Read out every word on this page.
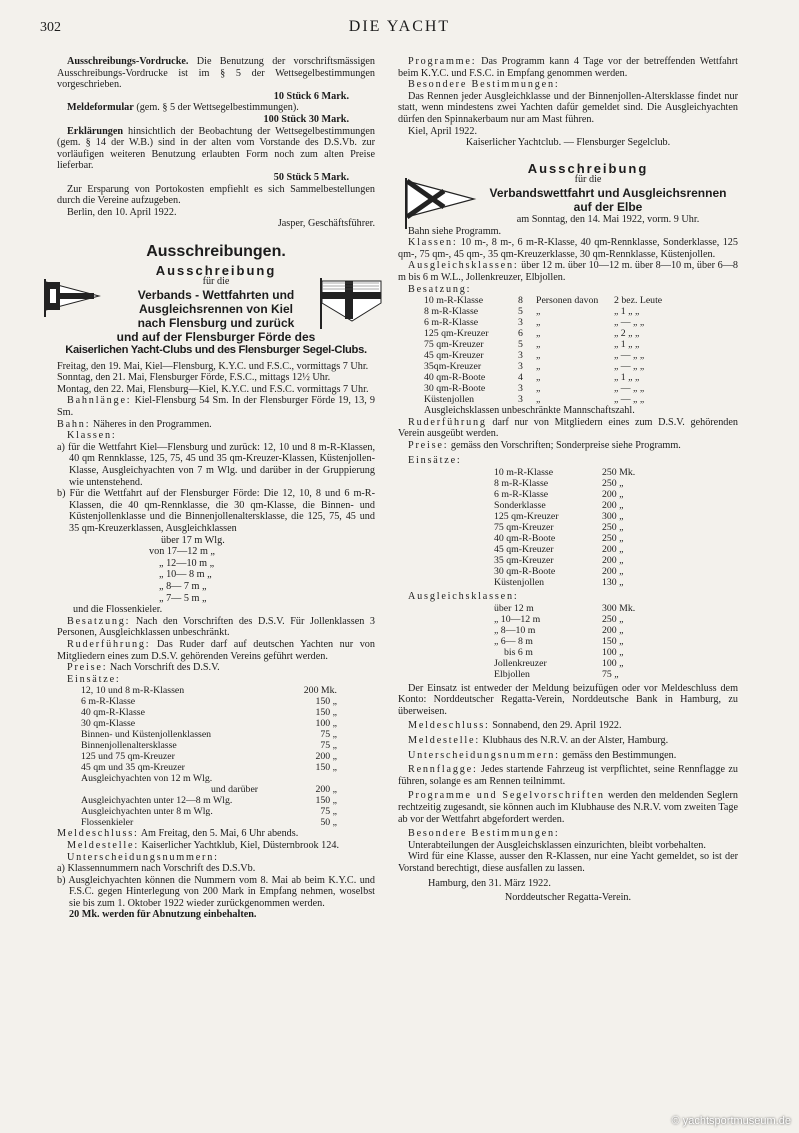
302	DIE YACHT

Ausschreibungs-Vordrucke. Die Benutzung der vorschriftsmässigen Ausschreibungs-Vordrucke ist im § 5 der Wettsegelbestimmungen vorgeschrieben.

10 Stück 6 Mark.

Meldeformular (gem. § 5 der Wettsegelbestimmungen).

100 Stück 30 Mark.

Erklärungen hinsichtlich der Beobachtung der Wettsegelbestimmungen (gem. § 14 der W.B.) sind in der alten vom Vorstande des D.S.Vb. zur vorläufigen weiteren Benutzung erlaubten Form noch zum alten Preise lieferbar.

50 Stück 5 Mark.

Zur Ersparung von Portokosten empfiehlt es sich Sammelbestellungen durch die Vereine aufzugeben.

Berlin, den 10. April 1922.

Jasper, Geschäftsführer.

Ausschreibungen.
Ausschreibung

für die

Verbands - Wettfahrten und
Ausgleichsrennen von Kiel
nach Flensburg und zurück
und auf der Flensburger Förde des
Kaiserlichen Yacht-Clubs und des Flensburger Segel-Clubs.

Freitag, den 19. Mai, Kiel—Flensburg, K.Y.C. und F.S.C., vormittags 7 Uhr.

Sonntag, den 21. Mai, Flensburger Förde, F.S.C., mittags 12½ Uhr.

Montag, den 22. Mai, Flensburg—Kiel, K.Y.C. und F.S.C. vormittags 7 Uhr.

Bahnlänge: Kiel-Flensburg 54 Sm. In der Flensburger Förde 19, 13, 9 Sm.

Bahn: Näheres in den Programmen.

Klassen:

a) für die Wettfahrt Kiel—Flensburg und zurück: 12, 10 und 8 m-R-Klassen, 40 qm Rennklasse, 125, 75, 45 und 35 qm-Kreuzer-Klassen, Küstenjollen-Klasse, Ausgleichyachten von 7 m Wlg. und darüber in der Gruppierung wie untenstehend.

b) Für die Wettfahrt auf der Flensburger Förde: Die 12, 10, 8 und 6 m-R-Klassen, die 40 qm-Rennklasse, die 30 qm-Klasse, die Binnen- und Küstenjollenklasse und die Binnenjollenaltersklasse, die 125, 75, 45 und 35 qm-Kreuzerklassen, Ausgleichklassen

über 17 m Wlg.

von 17—12 m „

„ 12—10 m „

„ 10— 8 m „

„ 8— 7 m „

„ 7— 5 m „

und die Flossenkieler.

Besatzung: Nach den Vorschriften des D.S.V. Für Jollenklassen 3 Personen, Ausgleichklassen unbeschränkt.

Ruderführung: Das Ruder darf auf deutschen Yachten nur von Mitgliedern eines zum D.S.V. gehörenden Vereins geführt werden.

Preise: Nach Vorschrift des D.S.V.

Einsätze:

12, 10 und 8 m-R-Klassen	200 Mk.
6 m-R-Klasse	150 „
40 qm-R-Klasse	150 „
30 qm-Klasse	100 „
Binnen- und Küstenjollenklassen	75 „
Binnenjollenaltersklasse	75 „
125 und 75 qm-Kreuzer	200 „
45 qm und 35 qm-Kreuzer	150 „
Ausgleichyachten von 12 m Wlg.
und darüber	200 „
Ausgleichyachten unter 12—8 m Wlg.	150 „
Ausgleichyachten unter 8 m Wlg.	75 „
Flossenkieler	50 „

Meldeschluss: Am Freitag, den 5. Mai, 6 Uhr abends.

Meldestelle: Kaiserlicher Yachtklub, Kiel, Düsternbrook 124.

Unterscheidungsnummern:

a) Klassennummern nach Vorschrift des D.S.Vb.

b) Ausgleichyachten können die Nummern vom 8. Mai ab beim K.Y.C. und F.S.C. gegen Hinterlegung von 200 Mark in Empfang nehmen, woselbst sie bis zum 1. Oktober 1922 wieder zurückgenommen werden.

20 Mk. werden für Abnutzung einbehalten.

Programme: Das Programm kann 4 Tage vor der betreffenden Wettfahrt beim K.Y.C. und F.S.C. in Empfang genommen werden.

Besondere Bestimmungen:

Das Rennen jeder Ausgleichklasse und der Binnenjollen-Altersklasse findet nur statt, wenn mindestens zwei Yachten dafür gemeldet sind. Die Ausgleichyachten dürfen den Spinnakerbaum nur am Mast führen.

Kiel, April 1922.

Kaiserlicher Yachtclub. — Flensburger Segelclub.

Ausschreibung

für die

Verbandswettfahrt und Ausgleichsrennen
auf der Elbe

am Sonntag, den 14. Mai 1922, vorm. 9 Uhr.

Bahn siehe Programm.

Klassen: 10 m-, 8 m-, 6 m-R-Klasse, 40 qm-Rennklasse, Sonderklasse, 125 qm-, 75 qm-, 45 qm-, 35 qm-Kreuzerklasse, 30 qm-Rennklasse, Küstenjollen.

Ausgleichsklassen: über 12 m. über 10—12 m. über 8—10 m, über 6—8 m bis 6 m W.L., Jollenkreuzer, Elbjollen.

Besatzung:

10 m-R-Klasse	8	Personen davon	2 bez. Leute
8 m-R-Klasse	5	„	„ 1 „ „
6 m-R-Klasse	3	„	„ — „ „
125 qm-Kreuzer	6	„	„ 2 „ „
75 qm-Kreuzer	5	„	„ 1 „ „
45 qm-Kreuzer	3	„	„ — „ „
35qm-Kreuzer	3	„	„ — „ „
40 qm-R-Boote	4	„	„ 1 „ „
30 qm-R-Boote	3	„	„ — „ „
Küstenjollen	3	„	„ — „ „

Ausgleichsklassen unbeschränkte Mannschaftszahl.

Ruderführung darf nur von Mitgliedern eines zum D.S.V. gehörenden Verein ausgeübt werden.

Preise: gemäss den Vorschriften; Sonderpreise siehe Programm.

Einsätze:

10 m-R-Klasse	250 Mk.
8 m-R-Klasse	250 „
6 m-R-Klasse	200 „
Sonderklasse	200 „
125 qm-Kreuzer	300 „
75 qm-Kreuzer	250 „
40 qm-R-Boote	250 „
45 qm-Kreuzer	200 „
35 qm-Kreuzer	200 „
30 qm-R-Boote	200 „
Küstenjollen	130 „

Ausgleichsklassen:

über 12 m	300 Mk.
„ 10—12 m	250 „
„ 8—10 m	200 „
„ 6— 8 m	150 „
bis 6 m	100 „
Jollenkreuzer	100 „
Elbjollen	75 „

Der Einsatz ist entweder der Meldung beizufügen oder vor Meldeschluss dem Konto: Norddeutscher Regatta-Verein, Norddeutsche Bank in Hamburg, zu überweisen.

Meldeschluss: Sonnabend, den 29. April 1922.

Meldestelle: Klubhaus des N.R.V. an der Alster, Hamburg.

Unterscheidungsnummern: gemäss den Bestimmungen.

Rennflagge: Jedes startende Fahrzeug ist verpflichtet, seine Rennflagge zu führen, solange es am Rennen teilnimmt.

Programme und Segelvorschriften werden den meldenden Seglern rechtzeitig zugesandt, sie können auch im Klubhause des N.R.V. vom zweiten Tage ab vor der Wettfahrt abgefordert werden.

Besondere Bestimmungen:

Unterabteilungen der Ausgleichsklassen einzurichten, bleibt vorbehalten.

Wird für eine Klasse, ausser den R-Klassen, nur eine Yacht gemeldet, so ist der Vorstand berechtigt, diese ausfallen zu lassen.

Hamburg, den 31. März 1922.

Norddeutscher Regatta-Verein.

© yachtsportmuseum.de
